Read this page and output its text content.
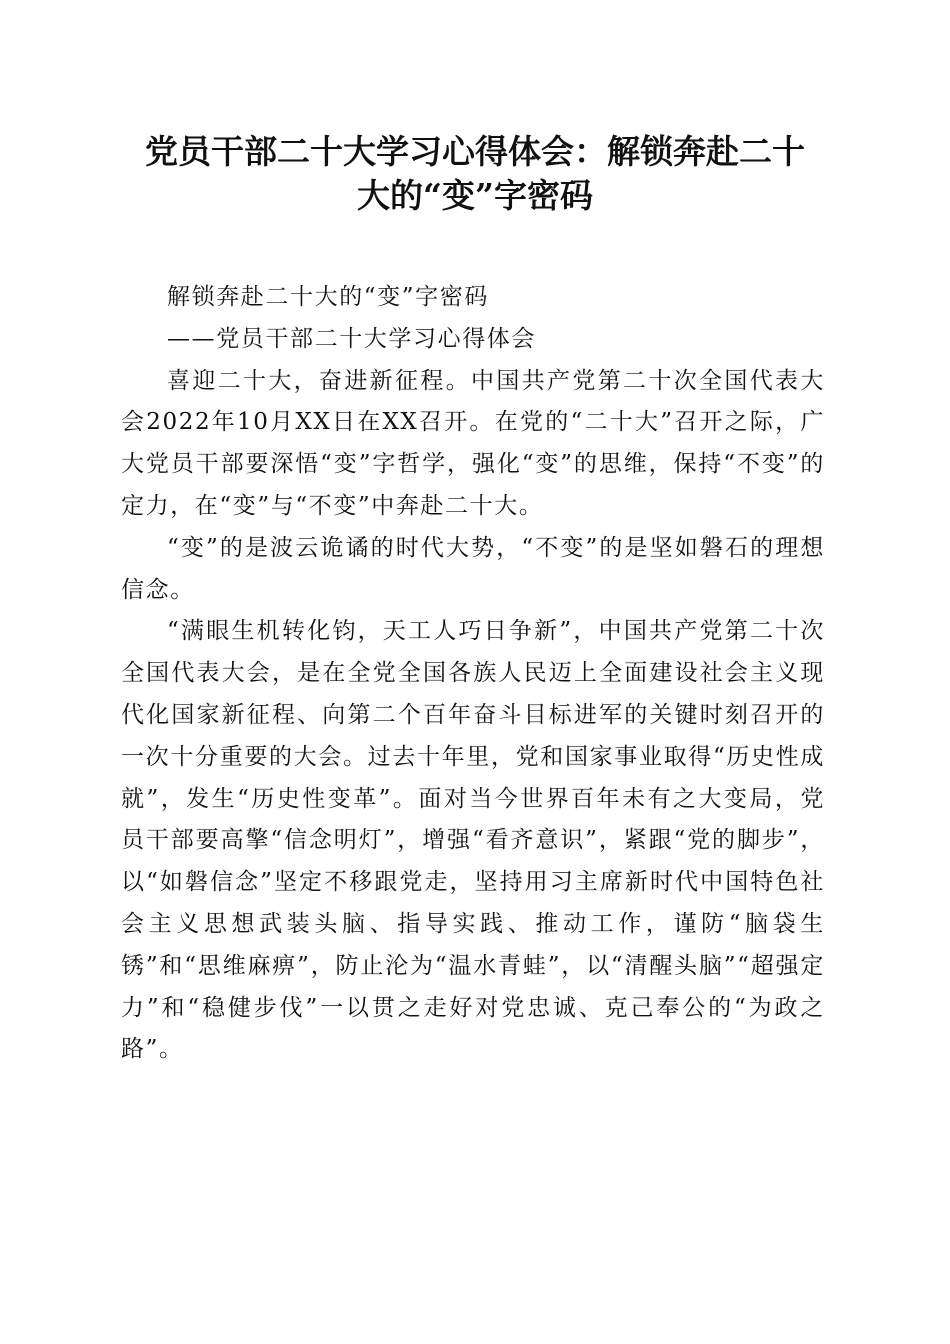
党员干部二十大学习心得体会：解锁奔赴二十
大的“变”字密码

解锁奔赴二十大的“变”字密码

——党员干部二十大学习心得体会

喜迎二十大，奋进新征程。中国共产党第二十次全国代表大会2022年10月XX日在XX召开。在党的“二十大”召开之际，广大党员干部要深悟“变”字哲学，强化“变”的思维，保持“不变”的定力，在“变”与“不变”中奔赴二十大。

“变”的是波云诡谲的时代大势，“不变”的是坚如磐石的理想信念。

“满眼生机转化钧，天工人巧日争新”，中国共产党第二十次全国代表大会，是在全党全国各族人民迈上全面建设社会主义现代化国家新征程、向第二个百年奋斗目标进军的关键时刻召开的一次十分重要的大会。过去十年里，党和国家事业取得“历史性成就”，发生“历史性变革”。面对当今世界百年未有之大变局，党员干部要高擎“信念明灯”，增强“看齐意识”，紧跟“党的脚步”，以“如磐信念”坚定不移跟党走，坚持用习主席新时代中国特色社会主义思想武装头脑、指导实践、推动工作，谨防“脑袋生锈”和“思维麻痹”，防止沦为“温水青蛙”，以“清醒头脑”“超强定力”和“稳健步伐”一以贯之走好对党忠诚、克己奉公的“为政之路”。
